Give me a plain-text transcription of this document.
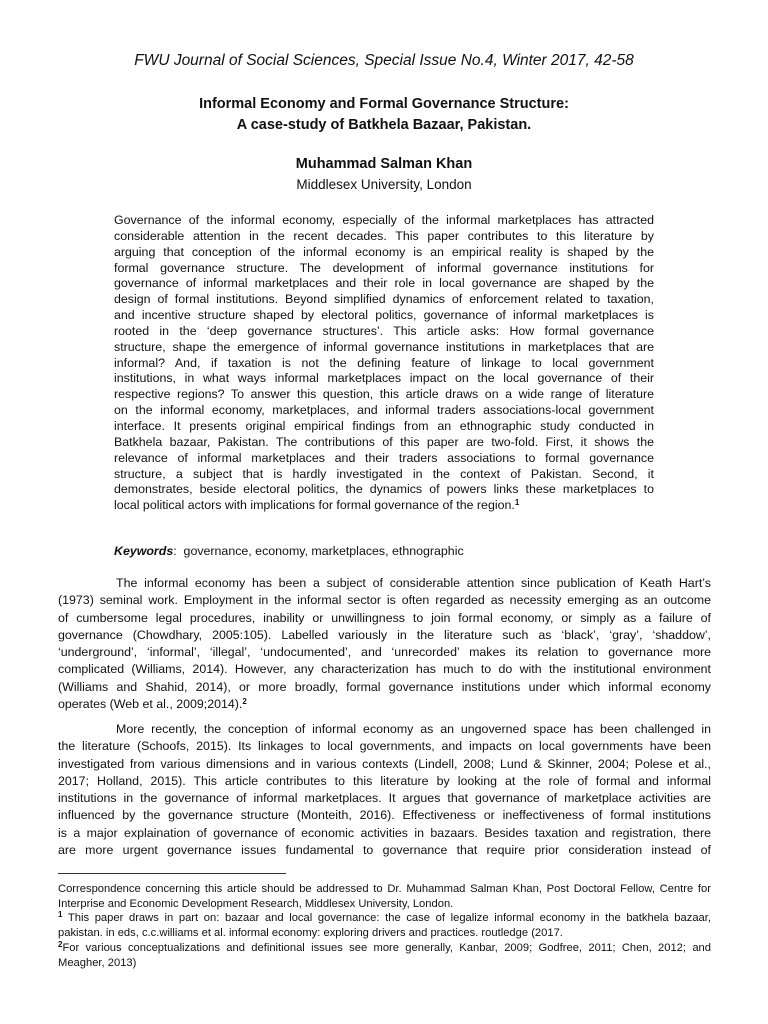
FWU Journal of Social Sciences, Special Issue No.4, Winter 2017, 42-58
Informal Economy and Formal Governance Structure:
A case-study of Batkhela Bazaar, Pakistan.
Muhammad Salman Khan
Middlesex University, London
Governance of the informal economy, especially of the informal marketplaces has attracted
considerable attention in the recent decades. This paper contributes to this literature by
arguing that conception of the informal economy is an empirical reality is shaped by the
formal governance structure. The development of informal governance institutions for
governance of informal marketplaces and their role in local governance are shaped by the
design of formal institutions. Beyond simplified dynamics of enforcement related to taxation,
and incentive structure shaped by electoral politics, governance of informal marketplaces is
rooted in the ‘deep governance structures’. This article asks: How formal governance
structure, shape the emergence of informal governance institutions in marketplaces that are
informal? And, if taxation is not the defining feature of linkage to local government
institutions, in what ways informal marketplaces impact on the local governance of their
respective regions? To answer this question, this article draws on a wide range of literature
on the informal economy, marketplaces, and informal traders associations-local government
interface. It presents original empirical findings from an ethnographic study conducted in
Batkhela bazaar, Pakistan. The contributions of this paper are two-fold. First, it shows the
relevance of informal marketplaces and their traders associations to formal governance
structure, a subject that is hardly investigated in the context of Pakistan. Second, it
demonstrates, beside electoral politics, the dynamics of powers links these marketplaces to
local political actors with implications for formal governance of the region.$^1$
Keywords:  governance, economy, marketplaces, ethnographic
The informal economy has been a subject of considerable attention since publication of Keath Hart’s
(1973) seminal work. Employment in the informal sector is often regarded as necessity emerging as an outcome
of cumbersome legal procedures, inability or unwillingness to join formal economy, or simply as a failure of
governance (Chowdhary, 2005:105). Labelled variously in the literature such as ‘black’, ‘gray’, ‘shaddow’,
‘underground’, ‘informal’, ‘illegal’, ‘undocumented’, and ‘unrecorded’ makes its relation to governance more
complicated (Williams, 2014). However, any characterization has much to do with the institutional environment
(Williams and Shahid, 2014), or more broadly, formal governance institutions under which informal economy
operates (Web et al., 2009;2014).$^2$
More recently, the conception of informal economy as an ungoverned space has been challenged in
the literature (Schoofs, 2015). Its linkages to local governments, and impacts on local governments have been
investigated from various dimensions and in various contexts (Lindell, 2008; Lund & Skinner, 2004; Polese et al.,
2017; Holland, 2015). This article contributes to this literature by looking at the role of formal and informal
institutions in the governance of informal marketplaces. It argues that governance of marketplace activities are
influenced by the governance structure (Monteith, 2016). Effectiveness or ineffectiveness of formal institutions
is a major explaination of governance of economic activities in bazaars. Besides taxation and registration, there
are more urgent governance issues fundamental to governance that require prior consideration instead of
Correspondence concerning this article should be addressed to Dr. Muhammad Salman Khan, Post Doctoral Fellow, Centre for
Interprise and Economic Development Research, Middlesex University, London.
$^1$ This paper draws in part on: bazaar and local governance: the case of legalize informal economy in the batkhela bazaar,
pakistan. in eds, c.c.williams et al. informal economy: exploring drivers and practices. routledge (2017.
$^2$For various conceptualizations and definitional issues see more generally, Kanbar, 2009; Godfree, 2011; Chen, 2012; and
Meagher, 2013)
